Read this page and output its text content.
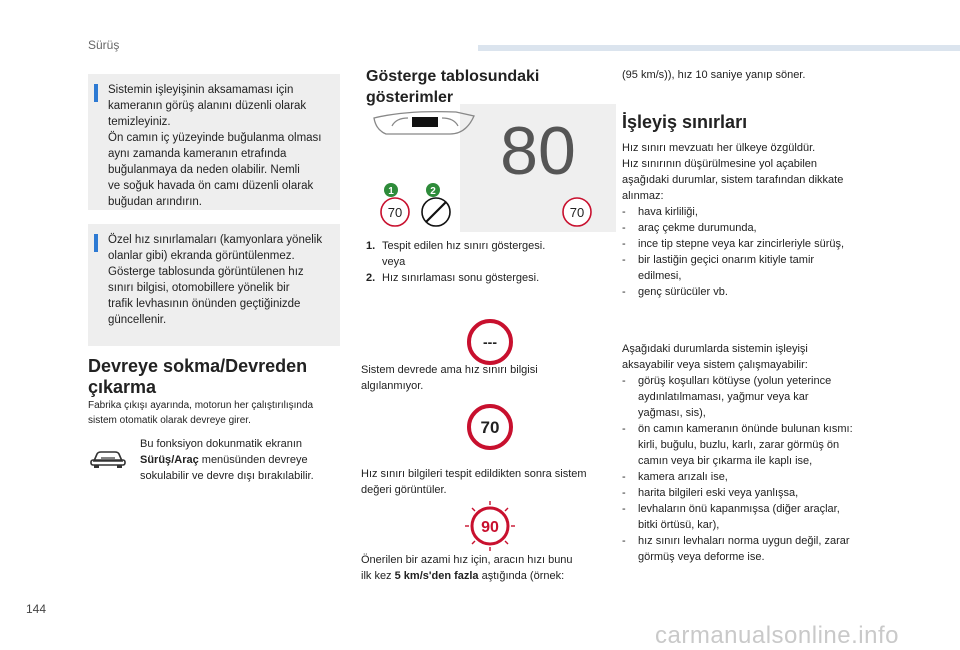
Sürüş

Sistemin işleyişinin aksamaması için
kameranın görüş alanını düzenli olarak
temizleyiniz.
Ön camın iç yüzeyinde buğulanma olması
aynı zamanda kameranın etrafında
buğulanmaya da neden olabilir. Nemli
ve soğuk havada ön camı düzenli olarak
buğudan arındırın.

Özel hız sınırlamaları (kamyonlara yönelik
olanlar gibi) ekranda görüntülenmez.
Gösterge tablosunda görüntülenen hız
sınırı bilgisi, otomobillere yönelik bir
trafik levhasının önünden geçtiğinizde
güncellenir.

Devreye sokma/Devreden
çıkarma
Fabrika çıkışı ayarında, motorun her çalıştırılışında
sistem otomatik olarak devreye girer.
Bu fonksiyon dokunmatik ekranın
Sürüş/Araç menüsünden devreye
sokulabilir ve devre dışı bırakılabilir.
Gösterge tablosundaki gösterimler
80
1	2
70	70
1. Tespit edilen hız sınırı göstergesi.
veya
2. Hız sınırlaması sonu göstergesi.
---
Sistem devrede ama hız sınırı bilgisi
algılanmıyor.
70
Hız sınırı bilgileri tespit edildikten sonra sistem
değeri görüntüler.
90
Önerilen bir azami hız için, aracın hızı bunu
ilk kez 5 km/s'den fazla aştığında (örnek:
(95 km/s)), hız 10 saniye yanıp söner.
İşleyiş sınırları
Hız sınırı mevzuatı her ülkeye özgüldür.
Hız sınırının düşürülmesine yol açabilen
aşağıdaki durumlar, sistem tarafından dikkate
alınmaz:
-	hava kirliliği,
-	araç çekme durumunda,
-	ince tip stepne veya kar zincirleriyle sürüş,
-	bir lastiğin geçici onarım kitiyle tamir
edilmesi,
-	genç sürücüler vb.
Aşağıdaki durumlarda sistemin işleyişi
aksayabilir veya sistem çalışmayabilir:
-	görüş koşulları kötüyse (yolun yeterince
aydınlatılmaması, yağmur veya kar
yağması, sis),
-	ön camın kameranın önünde bulunan kısmı:
kirli, buğulu, buzlu, karlı, zarar görmüş ön
camın veya bir çıkarma ile kaplı ise,
-	kamera arızalı ise,
-	harita bilgileri eski veya yanlışsa,
-	levhaların önü kapanmışsa (diğer araçlar,
bitki örtüsü, kar),
-	hız sınırı levhaları norma uygun değil, zarar
görmüş veya deforme ise.
144
carmanualsonline.info
